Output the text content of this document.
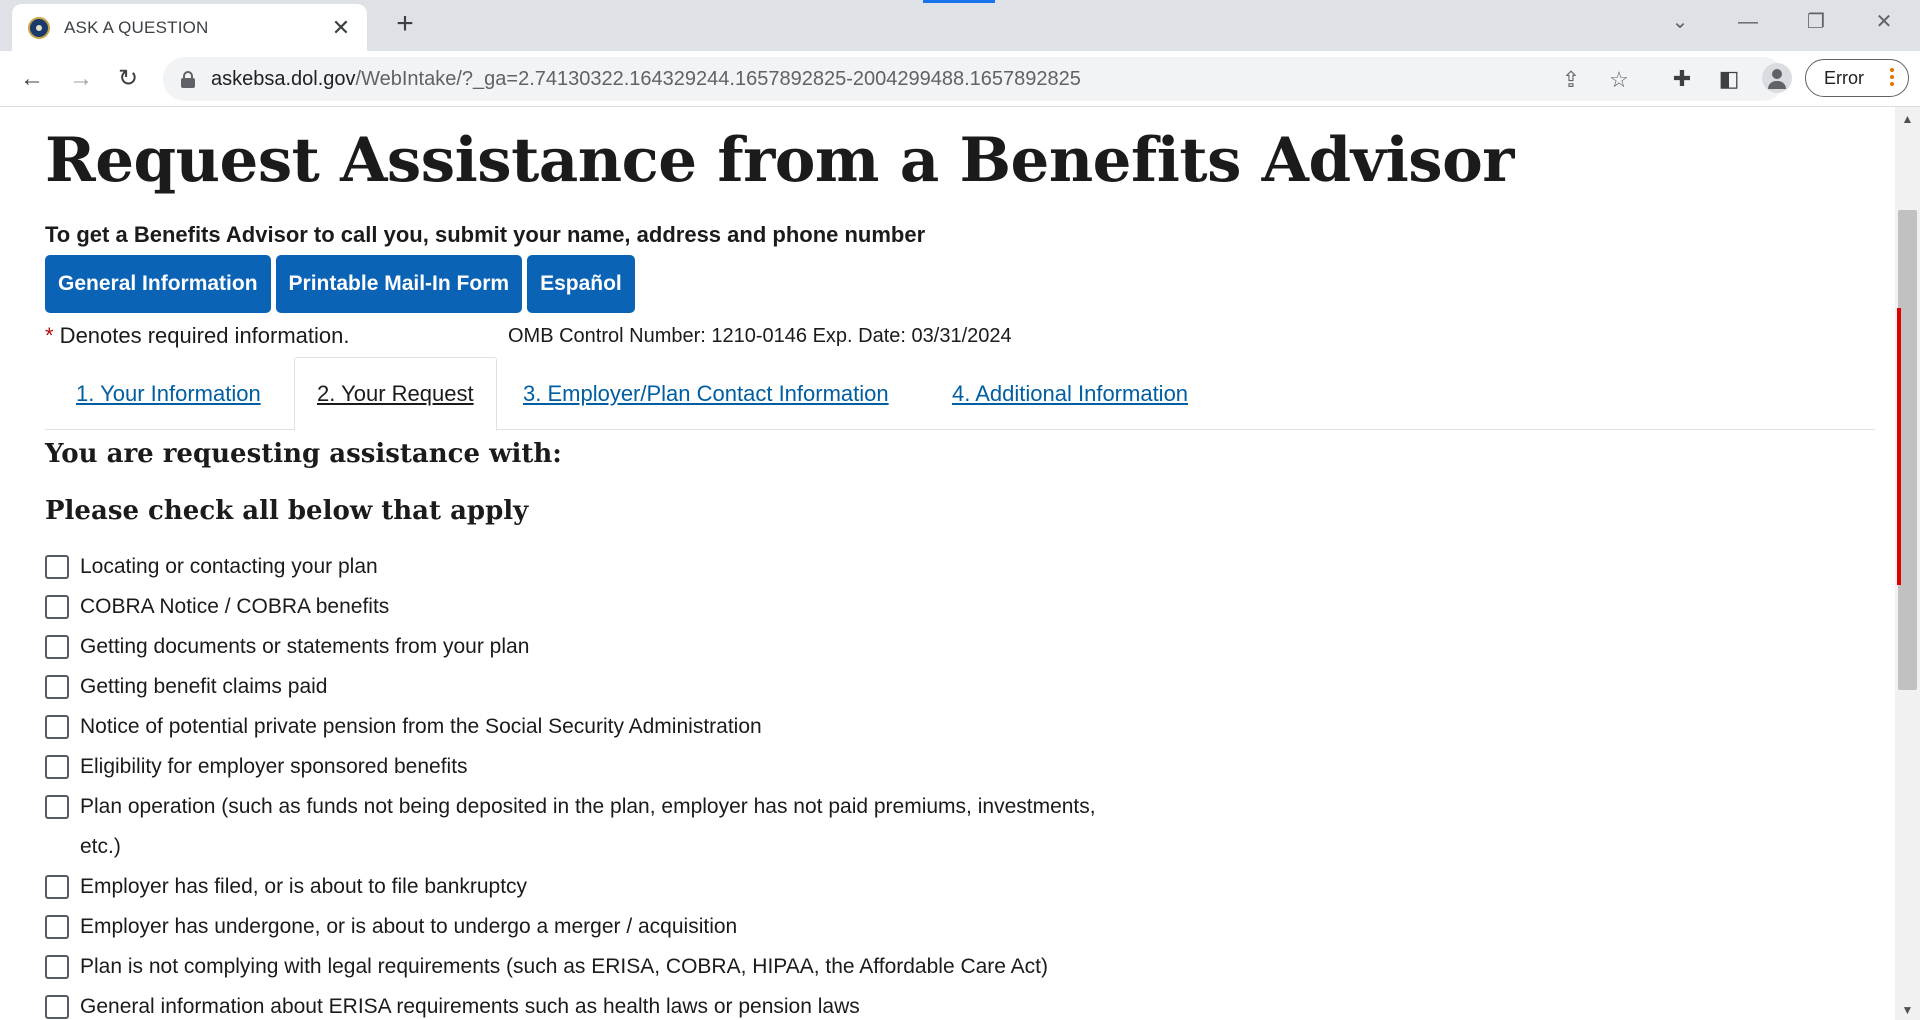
ASK A QUESTION	✕ +	⌄	—	❐	✕
← → ↻	askebsa.dol.gov/WebIntake/?_ga=2.74130322.164329244.1657892825-2004299488.1657892825	⇪ ☆	✚	◧	Error
Request Assistance from a Benefits Advisor
To get a Benefits Advisor to call you, submit your name, address and phone number
General Information	Printable Mail-In Form	Español
* Denotes required information.	OMB Control Number: 1210-0146 Exp. Date: 03/31/2024
1. Your Information	2. Your Request	3. Employer/Plan Contact Information	4. Additional Information
You are requesting assistance with:
Please check all below that apply
Locating or contacting your plan
COBRA Notice / COBRA benefits
Getting documents or statements from your plan
Getting benefit claims paid
Notice of potential private pension from the Social Security Administration
Eligibility for employer sponsored benefits
Plan operation (such as funds not being deposited in the plan, employer has not paid premiums, investments, etc.)
Employer has filed, or is about to file bankruptcy
Employer has undergone, or is about to undergo a merger / acquisition
Plan is not complying with legal requirements (such as ERISA, COBRA, HIPAA, the Affordable Care Act)
General information about ERISA requirements such as health laws or pension laws
▲
▼
